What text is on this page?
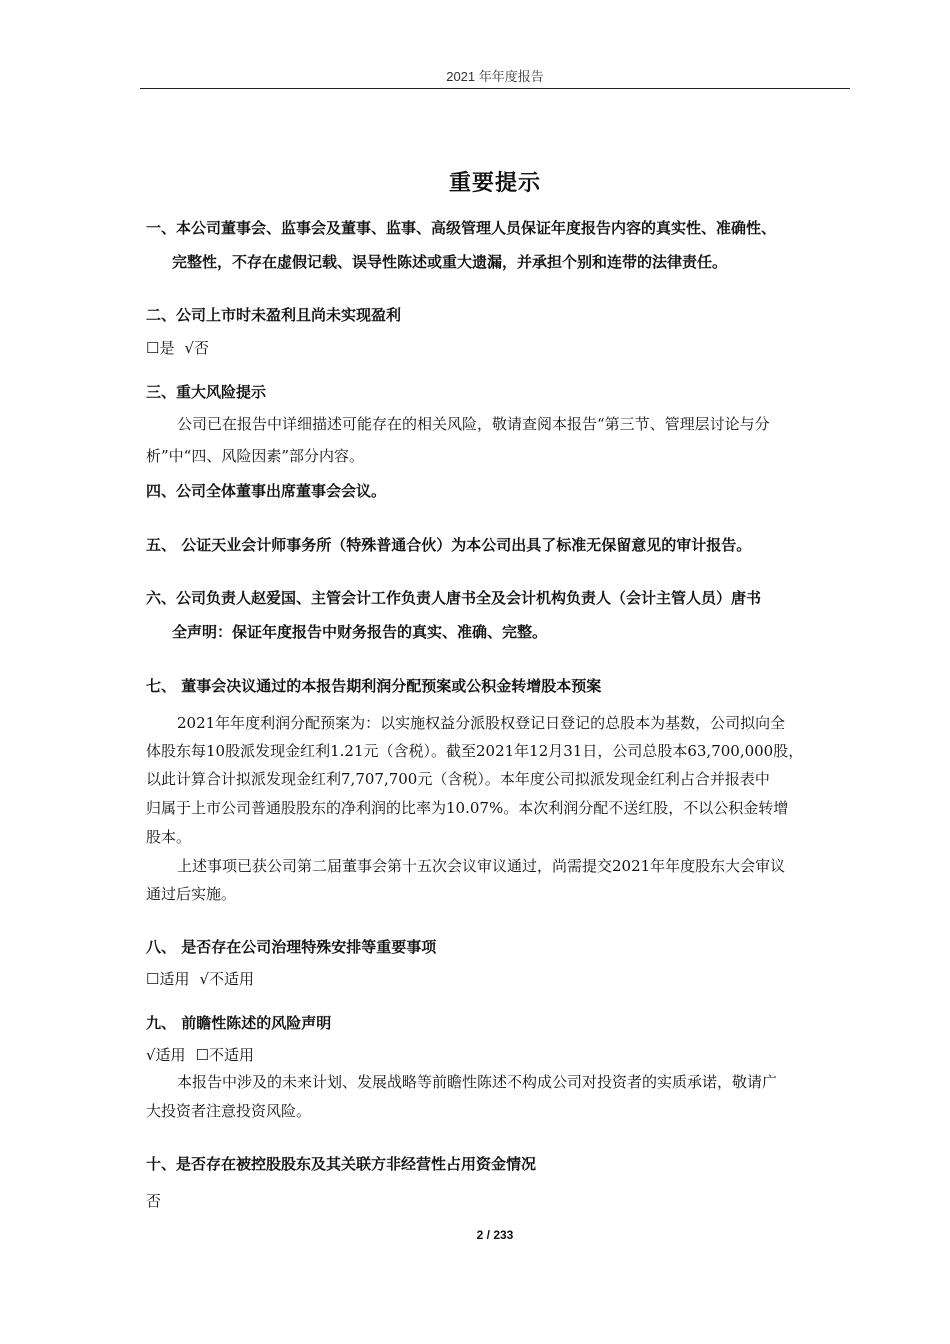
2021 年年度报告
重要提示
一、本公司董事会、监事会及董事、监事、高级管理人员保证年度报告内容的真实性、准确性、
完整性，不存在虚假记载、误导性陈述或重大遗漏，并承担个别和连带的法律责任。
二、公司上市时未盈利且尚未实现盈利
☐是 √否
三、重大风险提示
公司已在报告中详细描述可能存在的相关风险，敬请查阅本报告“第三节、管理层讨论与分
析”中“四、风险因素”部分内容。
四、公司全体董事出席董事会会议。
五、 公证天业会计师事务所（特殊普通合伙）为本公司出具了标准无保留意见的审计报告。
六、公司负责人赵爱国、主管会计工作负责人唐书全及会计机构负责人（会计主管人员）唐书
全声明：保证年度报告中财务报告的真实、准确、完整。
七、 董事会决议通过的本报告期利润分配预案或公积金转增股本预案
2021年年度利润分配预案为：以实施权益分派股权登记日登记的总股本为基数，公司拟向全
体股东每10股派发现金红利1.21元（含税）。截至2021年12月31日，公司总股本63,700,000股，
以此计算合计拟派发现金红利7,707,700元（含税）。本年度公司拟派发现金红利占合并报表中
归属于上市公司普通股股东的净利润的比率为10.07%。本次利润分配不送红股，不以公积金转增
股本。
上述事项已获公司第二届董事会第十五次会议审议通过，尚需提交2021年年度股东大会审议
通过后实施。
八、 是否存在公司治理特殊安排等重要事项
☐适用 √不适用
九、 前瞻性陈述的风险声明
√适用 ☐不适用
本报告中涉及的未来计划、发展战略等前瞻性陈述不构成公司对投资者的实质承诺，敬请广
大投资者注意投资风险。
十、是否存在被控股股东及其关联方非经营性占用资金情况
否
2 / 233
